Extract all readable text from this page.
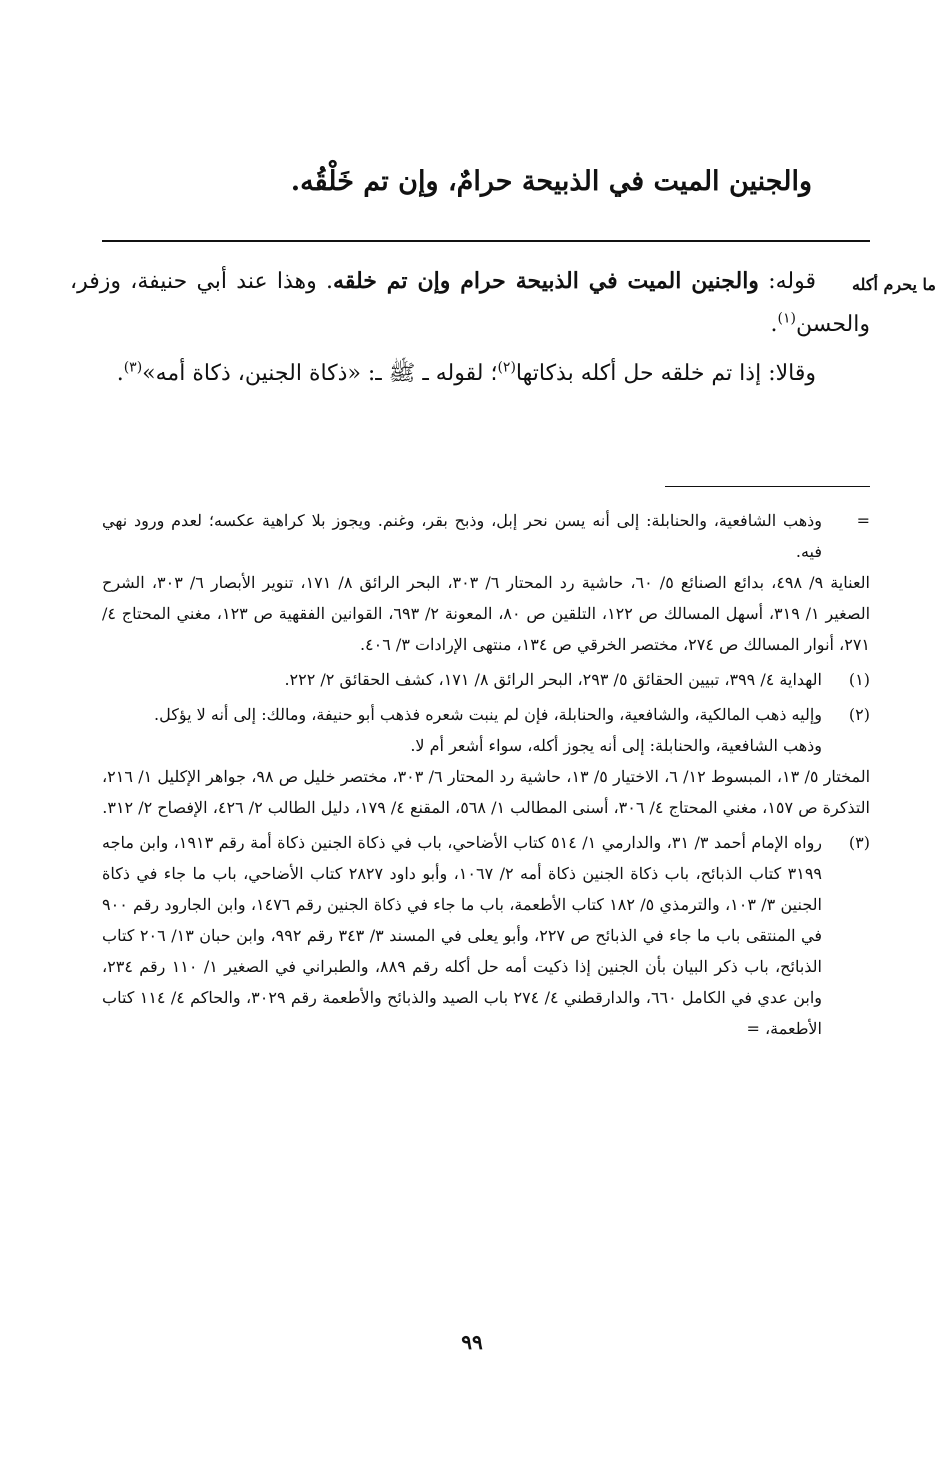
والجنين الميت في الذبيحة حرامٌ، وإن تم خَلْقُه.
ما يحرم أكله

قوله: والجنين الميت في الذبيحة حرام وإن تم خلقه. وهذا عند أبي حنيفة، وزفر، والحسن$^{(١)}$.

وقالا: إذا تم خلقه حل أكله بذكاتها$^{(٢)}$؛ لقوله ـ ﷺ ـ: «ذكاة الجنين، ذكاة أمه»$^{(٣)}$.

=
وذهب الشافعية، والحنابلة: إلى أنه يسن نحر إبل، وذبح بقر، وغنم. ويجوز بلا كراهية عكسه؛ لعدم ورود نهي فيه.
العناية ٩/ ٤٩٨، بدائع الصنائع ٥/ ٦٠، حاشية رد المحتار ٦/ ٣٠٣، البحر الرائق ٨/ ١٧١، تنوير الأبصار ٦/ ٣٠٣، الشرح الصغير ١/ ٣١٩، أسهل المسالك ص ١٢٢، التلقين ص ٨٠، المعونة ٢/ ٦٩٣، القوانين الفقهية ص ١٢٣، مغني المحتاج ٤/ ٢٧١، أنوار المسالك ص ٢٧٤، مختصر الخرقي ص ١٣٤، منتهى الإرادات ٣/ ٤٠٦.
(١)
الهداية ٤/ ٣٩٩، تبيين الحقائق ٥/ ٢٩٣، البحر الرائق ٨/ ١٧١، كشف الحقائق ٢/ ٢٢٢.
(٢)
وإليه ذهب المالكية، والشافعية، والحنابلة، فإن لم ينبت شعره فذهب أبو حنيفة، ومالك: إلى أنه لا يؤكل.
وذهب الشافعية، والحنابلة: إلى أنه يجوز أكله، سواء أشعر أم لا.
المختار ٥/ ١٣، المبسوط ١٢/ ٦، الاختيار ٥/ ١٣، حاشية رد المحتار ٦/ ٣٠٣، مختصر خليل ص ٩٨، جواهر الإكليل ١/ ٢١٦، التذكرة ص ١٥٧، مغني المحتاج ٤/ ٣٠٦، أسنى المطالب ١/ ٥٦٨، المقنع ٤/ ١٧٩، دليل الطالب ٢/ ٤٢٦، الإفصاح ٢/ ٣١٢.
(٣)
رواه الإمام أحمد ٣/ ٣١، والدارمي ١/ ٥١٤ كتاب الأضاحي، باب في ذكاة الجنين ذكاة أمة رقم ١٩١٣، وابن ماجه ٣١٩٩ كتاب الذبائح، باب ذكاة الجنين ذكاة أمه ٢/ ١٠٦٧، وأبو داود ٢٨٢٧ كتاب الأضاحي، باب ما جاء في ذكاة الجنين ٣/ ١٠٣، والترمذي ٥/ ١٨٢ كتاب الأطعمة، باب ما جاء في ذكاة الجنين رقم ١٤٧٦، وابن الجارود رقم ٩٠٠ في المنتقى باب ما جاء في الذبائح ص ٢٢٧، وأبو يعلى في المسند ٣/ ٣٤٣ رقم ٩٩٢، وابن حبان ١٣/ ٢٠٦ كتاب الذبائح، باب ذكر البيان بأن الجنين إذا ذكيت أمه حل أكله رقم ٨٨٩، والطبراني في الصغير ١/ ١١٠ رقم ٢٣٤، وابن عدي في الكامل ٦٦٠، والدارقطني ٤/ ٢٧٤ باب الصيد والذبائح والأطعمة رقم ٣٠٢٩، والحاكم ٤/ ١١٤ كتاب الأطعمة، =
٩٩
